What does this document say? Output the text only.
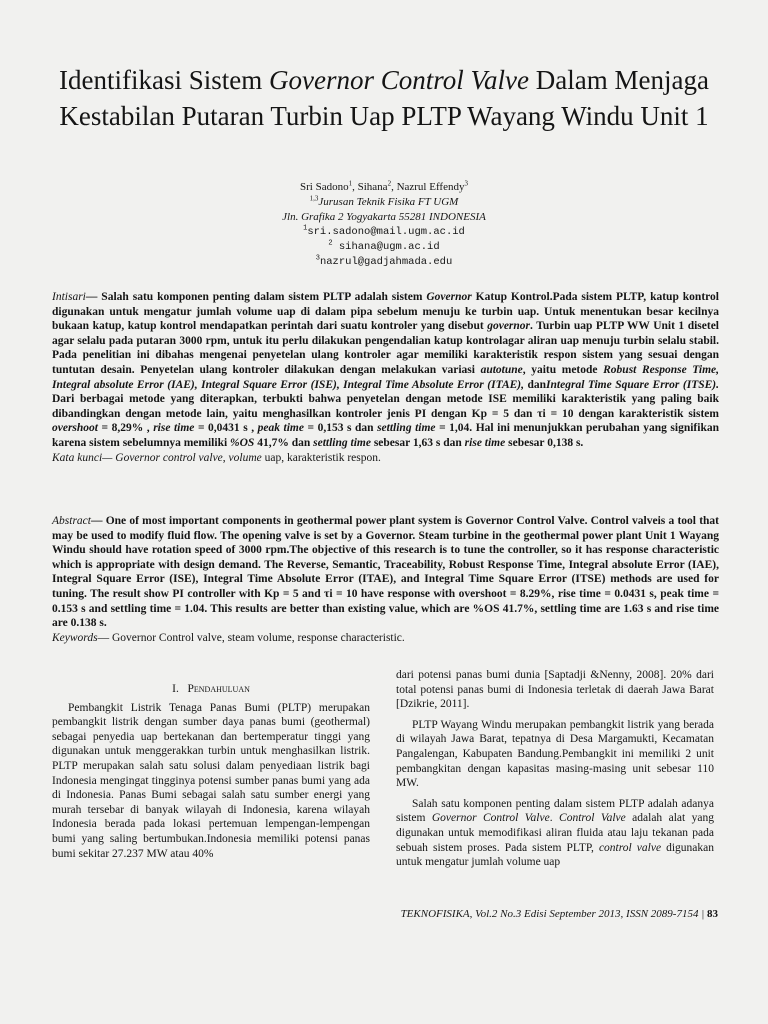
Identifikasi Sistem Governor Control Valve Dalam Menjaga Kestabilan Putaran Turbin Uap PLTP Wayang Windu Unit 1
Sri Sadono$^1$, Sihana$^2$, Nazrul Effendy$^3$
$^{1,3}$Jurusan Teknik Fisika FT UGM
Jln. Grafika 2 Yogyakarta 55281 INDONESIA
$^1$sri.sadono@mail.ugm.ac.id
$^2$ sihana@ugm.ac.id
$^3$nazrul@gadjahmada.edu

Intisari— Salah satu komponen penting dalam sistem PLTP adalah sistem Governor Katup Kontrol.Pada sistem PLTP, katup kontrol digunakan untuk mengatur jumlah volume uap di dalam pipa sebelum menuju ke turbin uap. Untuk menentukan besar kecilnya bukaan katup, katup kontrol mendapatkan perintah dari suatu kontroler yang disebut governor. Turbin uap PLTP WW Unit 1 disetel agar selalu pada putaran 3000 rpm, untuk itu perlu dilakukan pengendalian katup kontrolagar aliran uap menuju turbin selalu stabil. Pada penelitian ini dibahas mengenai penyetelan ulang kontroler agar memiliki karakteristik respon sistem yang sesuai dengan tuntutan desain. Penyetelan ulang kontroler dilakukan dengan melakukan variasi autotune, yaitu metode Robust Response Time, Integral absolute Error (IAE), Integral Square Error (ISE), Integral Time Absolute Error (ITAE), danIntegral Time Square Error (ITSE). Dari berbagai metode yang diterapkan, terbukti bahwa penyetelan dengan metode ISE memiliki karakteristik yang paling baik dibandingkan dengan metode lain, yaitu menghasilkan kontroler jenis PI dengan Kp = 5 dan τi = 10 dengan karakteristik sistem overshoot = 8,29% , rise time = 0,0431 s , peak time = 0,153 s dan settling time = 1,04. Hal ini menunjukkan perubahan yang signifikan karena sistem sebelumnya memiliki %OS 41,7% dan settling time sebesar 1,63 s dan rise time sebesar 0,138 s.

Kata kunci— Governor control valve, volume uap, karakteristik respon.

Abstract— One of most important components in geothermal power plant system is Governor Control Valve. Control valveis a tool that may be used to modify fluid flow. The opening valve is set by a Governor. Steam turbine in the geothermal power plant Unit 1 Wayang Windu should have rotation speed of 3000 rpm.The objective of this research is to tune the controller, so it has response characteristic which is appropriate with design demand. The Reverse, Semantic, Traceability, Robust Response Time, Integral absolute Error (IAE), Integral Square Error (ISE), Integral Time Absolute Error (ITAE), and Integral Time Square Error (ITSE) methods are used for tuning. The result show PI controller with Kp = 5 and τi = 10 have response with overshoot = 8.29%, rise time = 0.0431 s, peak time = 0.153 s and settling time = 1.04. This results are better than existing value, which are %OS 41.7%, settling time are 1.63 s and rise time are 0.138 s.

Keywords— Governor Control valve, steam volume, response characteristic.

I. Pendahuluan

Pembangkit Listrik Tenaga Panas Bumi (PLTP) merupakan pembangkit listrik dengan sumber daya panas bumi (geothermal) sebagai penyedia uap bertekanan dan bertemperatur tinggi yang digunakan untuk menggerakkan turbin untuk menghasilkan listrik. PLTP merupakan salah satu solusi dalam penyediaan listrik bagi Indonesia mengingat tingginya potensi sumber panas bumi yang ada di Indonesia. Panas Bumi sebagai salah satu sumber energi yang murah tersebar di banyak wilayah di Indonesia, karena wilayah Indonesia berada pada lokasi pertemuan lempengan-lempengan bumi yang saling bertumbukan.Indonesia memiliki potensi panas bumi sekitar 27.237 MW atau 40%

dari potensi panas bumi dunia [Saptadji &Nenny, 2008]. 20% dari total potensi panas bumi di Indonesia terletak di daerah Jawa Barat [Dzikrie, 2011].

PLTP Wayang Windu merupakan pembangkit listrik yang berada di wilayah Jawa Barat, tepatnya di Desa Margamukti, Kecamatan Pangalengan, Kabupaten Bandung.Pembangkit ini memiliki 2 unit pembangkitan dengan kapasitas masing-masing unit sebesar 110 MW.

Salah satu komponen penting dalam sistem PLTP adalah adanya sistem Governor Control Valve. Control Valve adalah alat yang digunakan untuk memodifikasi aliran fluida atau laju tekanan pada sebuah sistem proses. Pada sistem PLTP, control valve digunakan untuk mengatur jumlah volume uap

TEKNOFISIKA, Vol.2 No.3 Edisi September 2013, ISSN 2089-7154 | 83
